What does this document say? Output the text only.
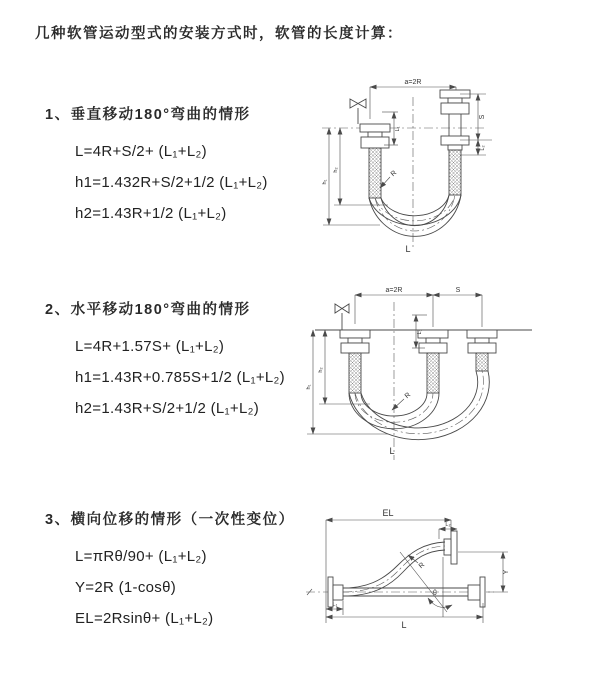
几种软管运动型式的安装方式时，软管的长度计算：

1、垂直移动180°弯曲的情形

L=4R+S/2+ (L₁+L₂)

h1=1.432R+S/2+1/2 (L₁+L₂)

h2=1.43R+1/2 (L₁+L₂)

2、水平移动180°弯曲的情形

L=4R+1.57S+ (L₁+L₂)

h1=1.43R+0.785S+1/2 (L₁+L₂)

h2=1.43R+S/2+1/2 (L₁+L₂)

3、横向位移的情形（一次性变位）

L=πRθ/90+ (L₁+L₂)

Y=2R (1-cosθ)

EL=2Rsinθ+ (L₁+L₂)

a=2R
L₁
S
L₂
R
h₂
h₁
L
a=2R	S
L₁
R
h₂
h₁
L
EL
L₂
Y
R
θ
L
L₁
